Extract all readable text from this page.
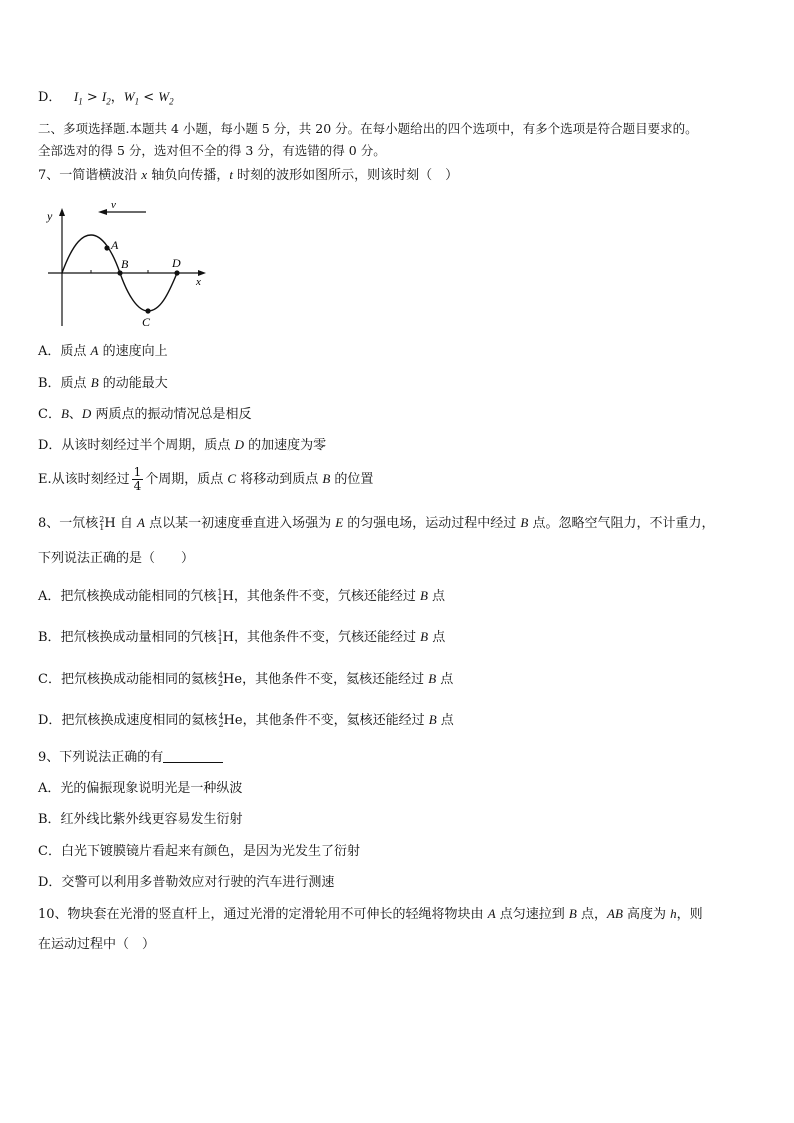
D． $I_1 > I_2$，$W_1 < W_2$
二、多项选择题.本题共 4 小题，每小题 5 分，共 20 分。在每小题给出的四个选项中，有多个选项是符合题目要求的。
全部选对的得 5 分，选对但不全的得 3 分，有选错的得 0 分。
7、一简谐横波沿 x 轴负向传播，t 时刻的波形如图所示，则该时刻（　）
y
x
v
A
B
C
D
A．质点 A 的速度向上
B．质点 B 的动能最大
C．B、D 两质点的振动情况总是相反
D．从该时刻经过半个周期，质点 D 的加速度为零
E.从该时刻经过 $\frac{1}{4}$ 个周期，质点 C 将移动到质点 B 的位置
8、一氘核 2
1 H 自 A 点以某一初速度垂直进入场强为 E 的匀强电场，运动过程中经过 B 点。忽略空气阻力，不计重力，
下列说法正确的是（　　）
A．把氘核换成动能相同的氕核 1
1 H，其他条件不变，氕核还能经过 B 点
B．把氘核换成动量相同的氕核 1
1 H，其他条件不变，氕核还能经过 B 点
C．把氘核换成动能相同的氦核 4
2 He，其他条件不变，氦核还能经过 B 点
D．把氘核换成速度相同的氦核 4
2 He，其他条件不变，氦核还能经过 B 点
9、下列说法正确的有
A．光的偏振现象说明光是一种纵波
B．红外线比紫外线更容易发生衍射
C．白光下镀膜镜片看起来有颜色，是因为光发生了衍射
D．交警可以利用多普勒效应对行驶的汽车进行测速
10、物块套在光滑的竖直杆上，通过光滑的定滑轮用不可伸长的轻绳将物块由 A 点匀速拉到 B 点，AB 高度为 h，则
在运动过程中（　）
